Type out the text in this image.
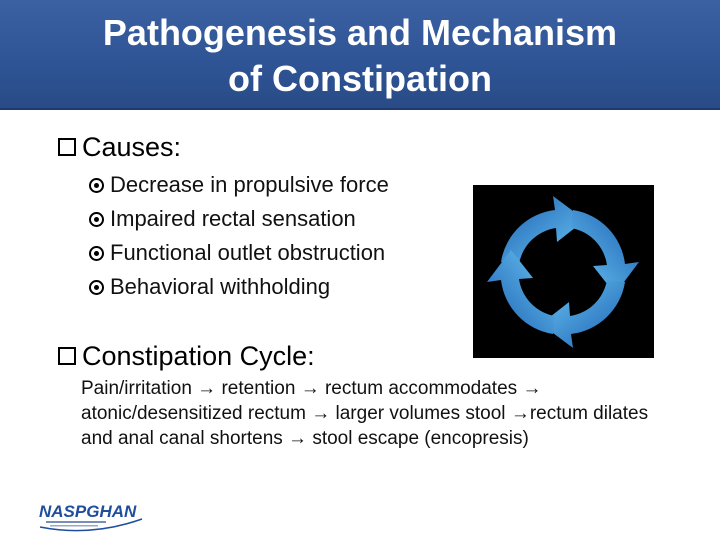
Pathogenesis and Mechanism
of Constipation
Causes:
Decrease in propulsive force
Impaired rectal sensation
Functional outlet obstruction
Behavioral withholding
Constipation Cycle:
Pain/irritation → retention → rectum accommodates → atonic/desensitized rectum → larger volumes stool →rectum dilates and anal canal shortens → stool escape (encopresis)
NASPGHAN
